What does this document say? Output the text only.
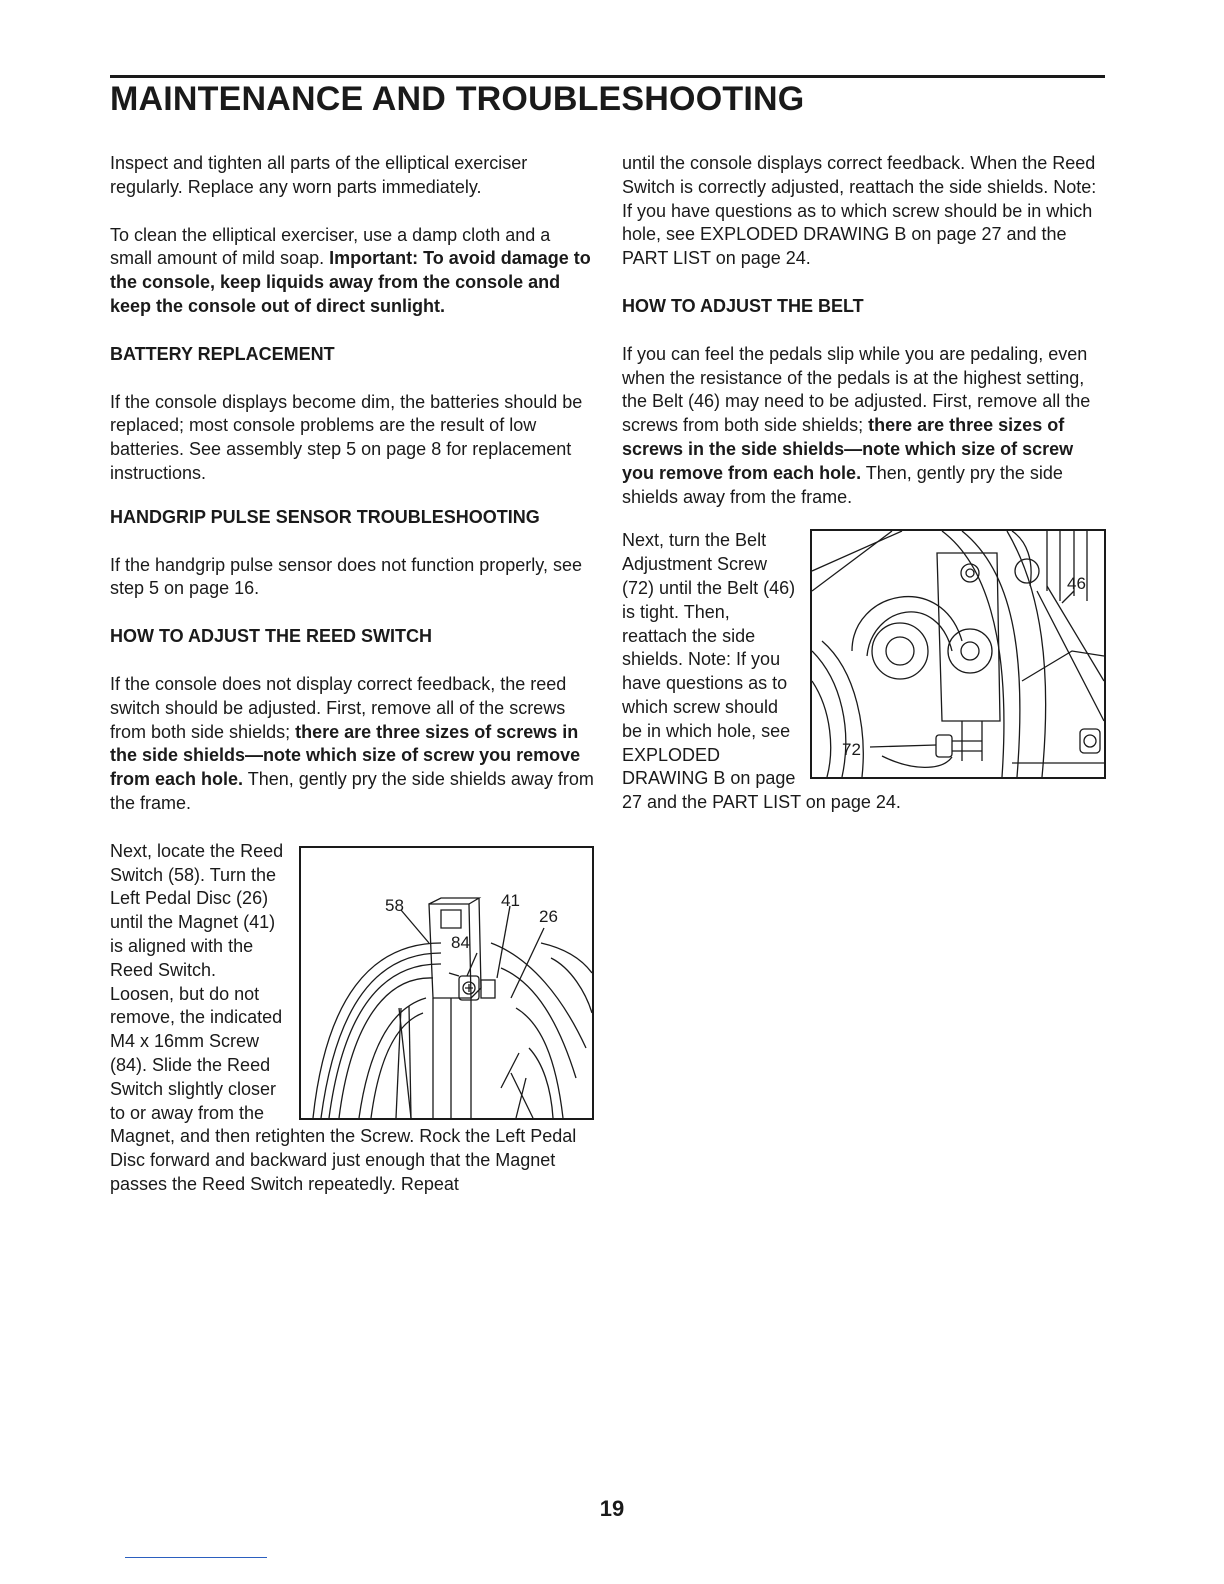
MAINTENANCE AND TROUBLESHOOTING

Inspect and tighten all parts of the elliptical exerciser regularly. Replace any worn parts immediately.

To clean the elliptical exerciser, use a damp cloth and a small amount of mild soap. Important: To avoid damage to the console, keep liquids away from the console and keep the console out of direct sunlight.

BATTERY REPLACEMENT

If the console displays become dim, the batteries should be replaced; most console problems are the result of low batteries. See assembly step 5 on page 8 for replacement instructions.

HANDGRIP PULSE SENSOR TROUBLESHOOTING

If the handgrip pulse sensor does not function properly, see step 5 on page 16.

HOW TO ADJUST THE REED SWITCH

If the console does not display correct feedback, the reed switch should be adjusted. First, remove all of the screws from both side shields; there are three sizes of screws in the side shields—note which size of screw you remove from each hole. Then, gently pry the side shields away from the frame.

58	41
26
84

Next, locate the Reed Switch (58). Turn the Left Pedal Disc (26) until the Magnet (41) is aligned with the Reed Switch. Loosen, but do not remove, the indicated M4 x 16mm Screw (84). Slide the Reed Switch slightly closer to or away from the Magnet, and then retighten the Screw. Rock the Left Pedal Disc forward and backward just enough that the Magnet passes the Reed Switch repeatedly. Repeat

until the console displays correct feedback. When the Reed Switch is correctly adjusted, reattach the side shields. Note: If you have questions as to which screw should be in which hole, see EXPLODED DRAWING B on page 27 and the PART LIST on page 24.

HOW TO ADJUST THE BELT

If you can feel the pedals slip while you are pedaling, even when the resistance of the pedals is at the highest setting, the Belt (46) may need to be adjusted. First, remove all the screws from both side shields; there are three sizes of screws in the side shields—note which size of screw you remove from each hole. Then, gently pry the side shields away from the frame.

46
72

Next, turn the Belt Adjustment Screw (72) until the Belt (46) is tight. Then, reattach the side shields. Note: If you have questions as to which screw should be in which hole, see EXPLODED DRAWING B on page 27 and the PART LIST on page 24.

19
